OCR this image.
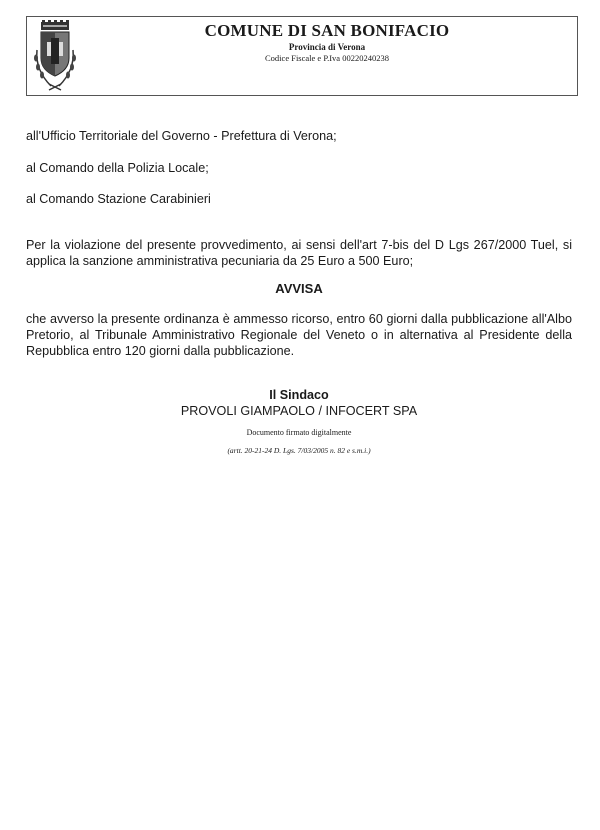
COMUNE DI SAN BONIFACIO
Provincia di Verona
Codice Fiscale e P.Iva 00220240238
all'Ufficio Territoriale del Governo - Prefettura di Verona;
al Comando della Polizia Locale;
al Comando Stazione Carabinieri
Per la violazione del presente provvedimento, ai sensi dell'art 7-bis del D Lgs 267/2000 Tuel, si applica la sanzione amministrativa pecuniaria da 25 Euro a 500 Euro;
AVVISA
che avverso la presente ordinanza è ammesso ricorso, entro 60 giorni dalla pubblicazione all'Albo Pretorio, al Tribunale Amministrativo Regionale del Veneto o in alternativa al Presidente della Repubblica entro 120 giorni dalla pubblicazione.
Il Sindaco
PROVOLI GIAMPAOLO / INFOCERT SPA
Documento firmato digitalmente
(artt. 20-21-24 D. Lgs. 7/03/2005 n. 82 e s.m.i.)
